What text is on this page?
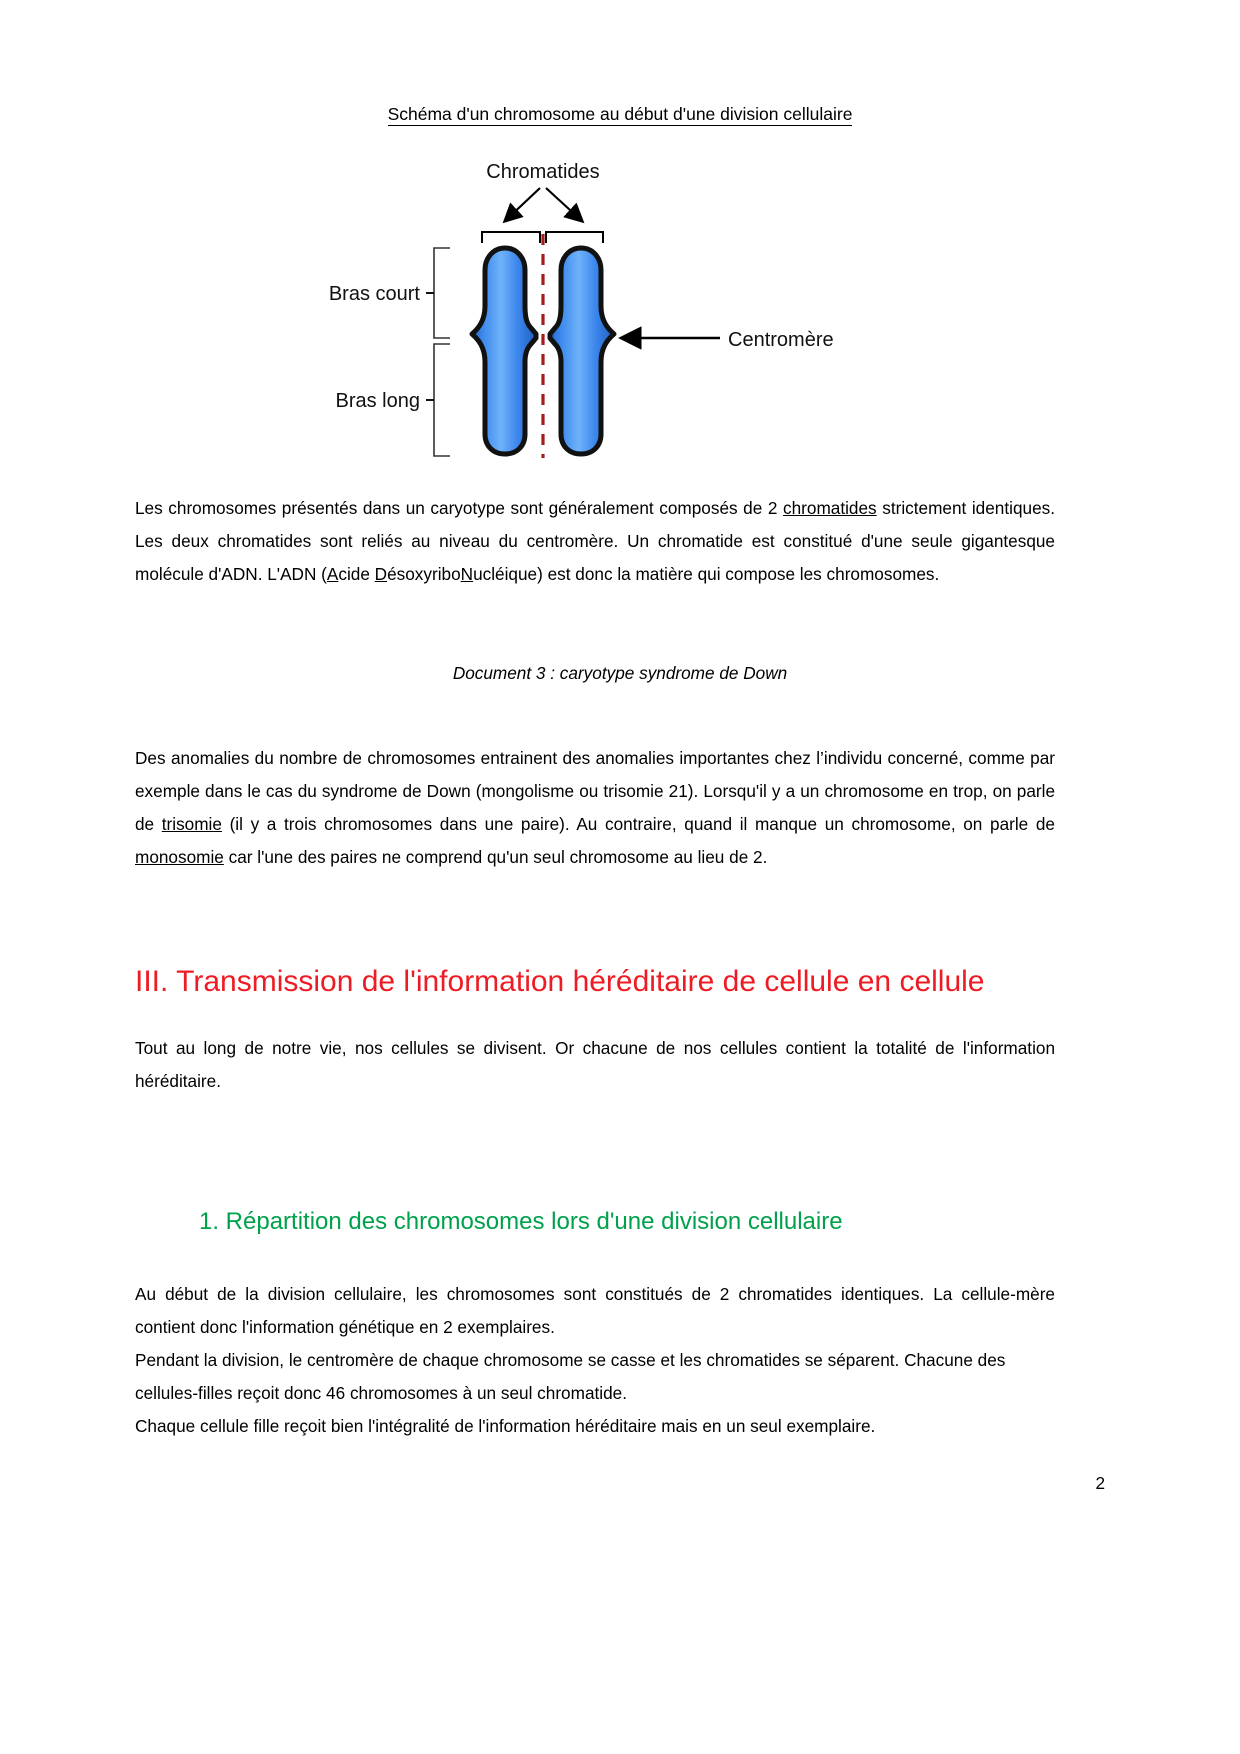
Schéma d'un chromosome au début d'une division cellulaire
Chromatides
Bras court
Bras long
Centromère
Les chromosomes présentés dans un caryotype sont généralement composés de 2 chromatides strictement identiques. Les deux chromatides sont reliés au niveau du centromère. Un chromatide est constitué d'une seule gigantesque molécule d'ADN. L'ADN (Acide DésoxyriboNucléique) est donc la matière qui compose les chromosomes.
Document 3 : caryotype syndrome de Down
Des anomalies du nombre de chromosomes entrainent des anomalies importantes chez l’individu concerné, comme par exemple dans le cas du syndrome de Down (mongolisme ou trisomie 21). Lorsqu'il y a un chromosome en trop, on parle de trisomie (il y a trois chromosomes dans une paire). Au contraire, quand il manque un chromosome, on parle de monosomie car l'une des paires ne comprend qu'un seul chromosome au lieu de 2.
III. Transmission de l'information héréditaire de cellule en cellule
Tout au long de notre vie, nos cellules se divisent. Or chacune de nos cellules contient la totalité de l'information héréditaire.
1. Répartition des chromosomes lors d'une division cellulaire
Au début de la division cellulaire, les chromosomes sont constitués de 2 chromatides identiques. La cellule-mère contient donc l'information génétique en 2 exemplaires.
Pendant la division, le centromère de chaque chromosome se casse et les chromatides se séparent. Chacune des cellules-filles reçoit donc 46 chromosomes à un seul chromatide.
Chaque cellule fille reçoit bien l'intégralité de l'information héréditaire mais en un seul exemplaire.
2
